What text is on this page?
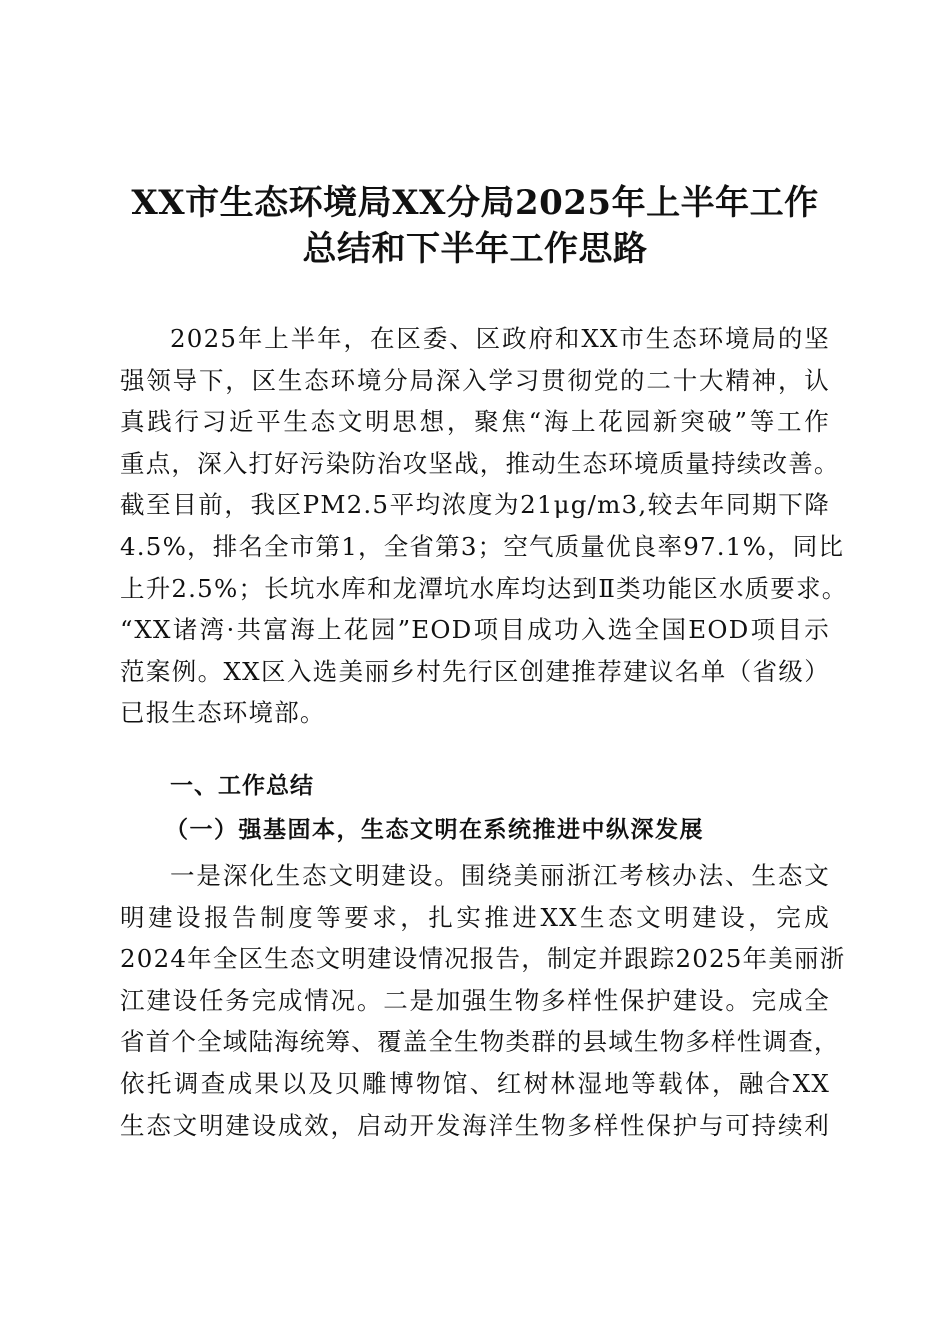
XX市生态环境局XX分局2025年上半年工作
总结和下半年工作思路
2025年上半年，在区委、区政府和XX市生态环境局的坚
强领导下，区生态环境分局深入学习贯彻党的二十大精神，认
真践行习近平生态文明思想，聚焦“海上花园新突破”等工作
重点，深入打好污染防治攻坚战，推动生态环境质量持续改善。
截至目前，我区PM2.5平均浓度为21μg/m3,较去年同期下降
4.5%，排名全市第1，全省第3；空气质量优良率97.1%，同比
上升2.5%；长坑水库和龙潭坑水库均达到Ⅱ类功能区水质要求。
“XX诸湾·共富海上花园”EOD项目成功入选全国EOD项目示
范案例。XX区入选美丽乡村先行区创建推荐建议名单（省级）
已报生态环境部。
一、工作总结
（一）强基固本，生态文明在系统推进中纵深发展
一是深化生态文明建设。围绕美丽浙江考核办法、生态文
明建设报告制度等要求，扎实推进XX生态文明建设，完成
2024年全区生态文明建设情况报告，制定并跟踪2025年美丽浙
江建设任务完成情况。二是加强生物多样性保护建设。完成全
省首个全域陆海统筹、覆盖全生物类群的县域生物多样性调查，
依托调查成果以及贝雕博物馆、红树林湿地等载体，融合XX
生态文明建设成效，启动开发海洋生物多样性保护与可持续利
